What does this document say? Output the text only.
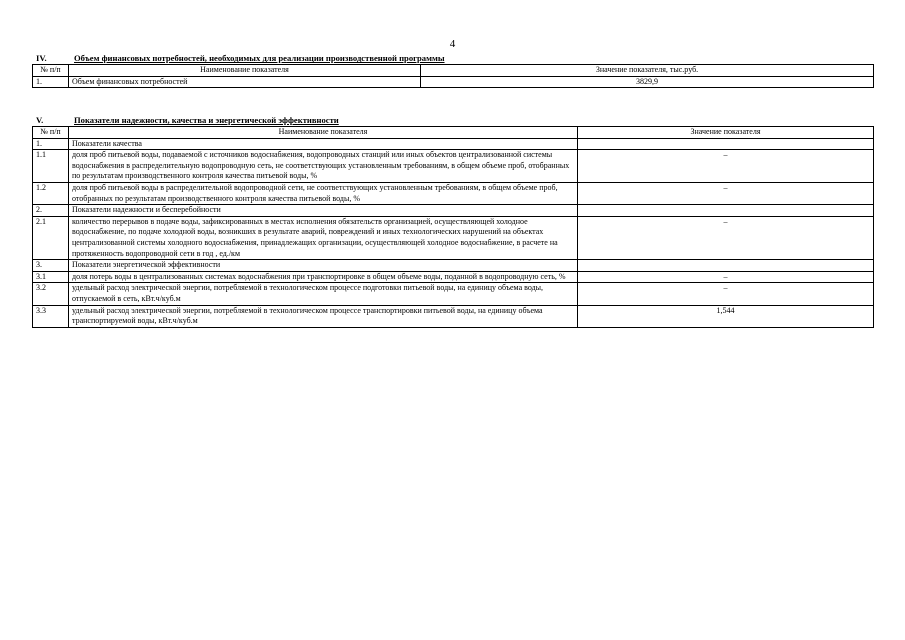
4
IV.	Объем финансовых потребностей, необходимых для реализации производственной программы
№ п/п	Наименование показателя	Значение показателя, тыс.руб.
1.	Объем финансовых потребностей	3829,9
V.	Показатели надежности, качества и энергетической эффективности
№ п/п	Наименование показателя	Значение показателя
1.	Показатели качества	
1.1	доля проб питьевой воды, подаваемой с источников водоснабжения, водопроводных станций или иных объектов централизованной системы водоснабжения в распределительную водопроводную сеть, не соответствующих установленным требованиям, в общем объеме проб, отобранных по результатам производственного контроля качества питьевой воды, %	–
1.2	доля проб питьевой воды в распределительной водопроводной сети, не соответствующих установленным требованиям, в общем объеме проб, отобранных по результатам производственного контроля качества питьевой воды, %	–
2.	Показатели надежности и бесперебойности	
2.1	количество перерывов в подаче воды, зафиксированных в местах исполнения обязательств организацией, осуществляющей холодное водоснабжение, по подаче холодной воды, возникших в результате аварий, повреждений и иных технологических нарушений на объектах централизованной системы холодного водоснабжения, принадлежащих организации, осуществляющей холодное водоснабжение, в расчете на протяженность водопроводной сети в год , ед./км	–
3.	Показатели энергетической эффективности	
3.1	доля потерь воды в централизованных системах водоснабжения при транспортировке в общем объеме воды, поданной в водопроводную сеть, %	–
3.2	удельный расход электрической энергии, потребляемой в технологическом процессе подготовки питьевой воды, на единицу объема воды, отпускаемой в сеть, кВт.ч/куб.м	–
3.3	удельный расход электрической энергии, потребляемой в технологическом процессе транспортировки питьевой воды, на единицу объема транспортируемой воды, кВт.ч/куб.м	1,544
